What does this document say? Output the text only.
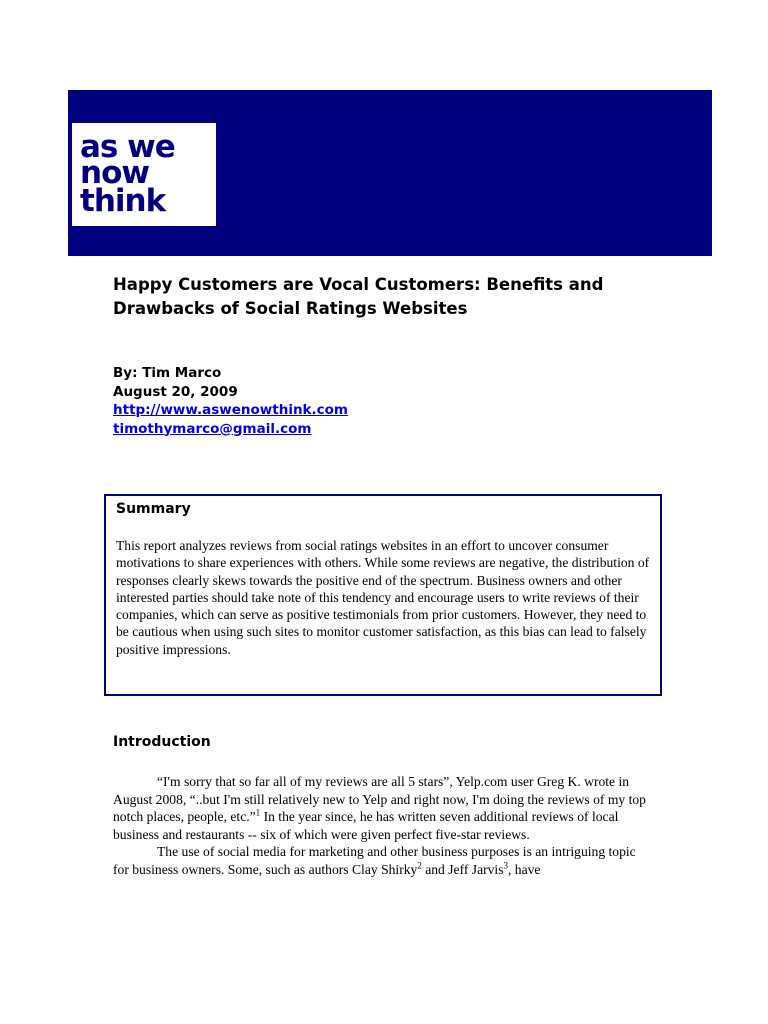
as we
now
think
Happy Customers are Vocal Customers: Benefits and Drawbacks of Social Ratings Websites
By: Tim Marco
August 20, 2009
http://www.aswenowthink.com
timothymarco@gmail.com
Summary

This report analyzes reviews from social ratings websites in an effort to uncover consumer motivations to share experiences with others. While some reviews are negative, the distribution of responses clearly skews towards the positive end of the spectrum. Business owners and other interested parties should take note of this tendency and encourage users to write reviews of their companies, which can serve as positive testimonials from prior customers. However, they need to be cautious when using such sites to monitor customer satisfaction, as this bias can lead to falsely positive impressions.

Introduction

“I'm sorry that so far all of my reviews are all 5 stars”, Yelp.com user Greg K. wrote in August 2008, “..but I'm still relatively new to Yelp and right now, I'm doing the reviews of my top notch places, people, etc.”$^1$ In the year since, he has written seven additional reviews of local business and restaurants -- six of which were given perfect five-star reviews.

The use of social media for marketing and other business purposes is an intriguing topic for business owners. Some, such as authors Clay Shirky$^2$ and Jeff Jarvis$^3$, have
